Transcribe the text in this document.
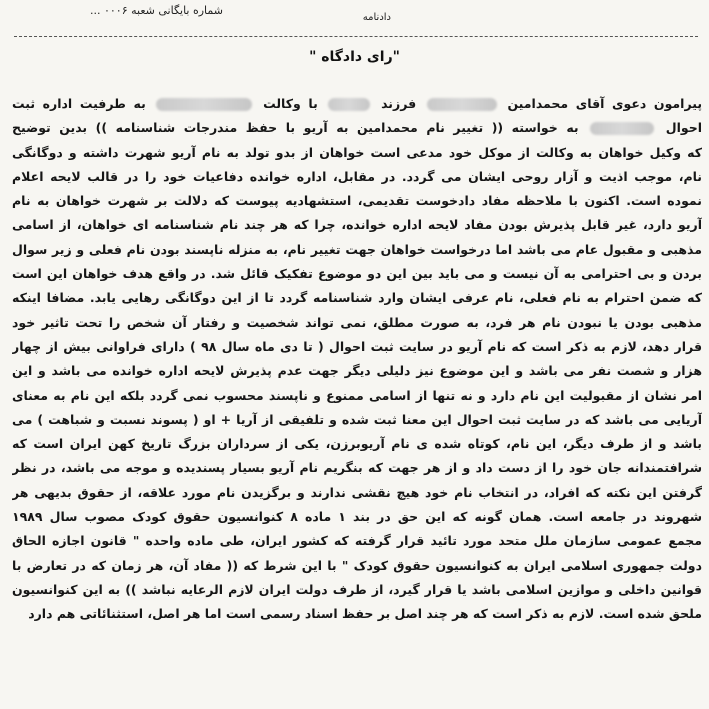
شماره بایگانی شعبه ۰۰۰۶ ...
دادنامه
"رای دادگاه "
پیرامون دعوی آقای محمدامین  فرزند  با وکالت  به طرفیت اداره ثبت
احوال  به خواسته (( تغییر نام محمدامین به آریو با حفظ مندرجات شناسنامه )) بدین توضیح
که وکیل خواهان به وکالت از موکل خود مدعی است خواهان از بدو تولد به نام آریو شهرت داشته و دوگانگی
نام، موجب اذیت و آزار روحی ایشان می گردد. در مقابل، اداره خوانده دفاعیات خود را در قالب لایحه اعلام
نموده است. اکنون با ملاحظه مفاد دادخوست تقدیمی، استشهادیه پیوست که دلالت بر شهرت خواهان به نام
آریو دارد، غیر قابل پذیرش بودن مفاد لایحه اداره خوانده، چرا که هر چند نام شناسنامه ای خواهان، از اسامی
مذهبی و مقبول عام می باشد اما درخواست خواهان جهت تغییر نام، به منزله ناپسند بودن نام فعلی و زیر سوال
بردن و بی احترامی به آن نیست و می باید بین این دو موضوع تفکیک قائل شد. در واقع هدف خواهان این است
که ضمن احترام به نام فعلی، نام عرفی ایشان وارد شناسنامه گردد تا از این دوگانگی رهایی یابد. مضافا اینکه
مذهبی بودن یا نبودن نام هر فرد، به صورت مطلق، نمی تواند شخصیت و رفتار آن شخص را تحت تاثیر خود
قرار دهد، لازم به ذکر است که نام آریو در سایت ثبت احوال ( تا دی ماه سال ۹۸ ) دارای فراوانی بیش از چهار
هزار و شصت نفر می باشد و این موضوع نیز دلیلی دیگر جهت عدم پذیرش لایحه اداره خوانده می باشد و این
امر نشان از مقبولیت این نام دارد و نه تنها از اسامی ممنوع و ناپسند محسوب نمی گردد بلکه این نام به معنای
آریایی می باشد که در سایت ثبت احوال این معنا ثبت شده و تلفیقی از آریا + او ( پسوند نسبت و شباهت ) می
باشد و از طرف دیگر، این نام، کوتاه شده ی نام آریوبرزن، یکی از سرداران بزرگ تاریخ کهن ایران است که
شرافتمندانه جان خود را از دست داد و از هر جهت که بنگریم نام آریو بسیار پسندیده و موجه می باشد، در نظر
گرفتن این نکته که افراد، در انتخاب نام خود هیچ نقشی ندارند و برگزیدن نام مورد علاقه، از حقوق بدیهی هر
شهروند در جامعه است. همان گونه که این حق در بند ۱ ماده ۸ کنوانسیون حقوق کودک مصوب سال ۱۹۸۹
مجمع عمومی سازمان ملل متحد مورد تائید قرار گرفته که کشور ایران، طی ماده واحده " قانون اجازه الحاق
دولت جمهوری اسلامی ایران به کنوانسیون حقوق کودک " با این شرط که (( مفاد آن، هر زمان که در تعارض با
قوانین داخلی و موازین اسلامی باشد یا قرار گیرد، از طرف دولت ایران لازم الرعایه نباشد )) به این کنوانسیون
ملحق شده است. لازم به ذکر است که هر چند اصل بر حفظ اسناد رسمی است اما هر اصل، استثنائاتی هم دارد
